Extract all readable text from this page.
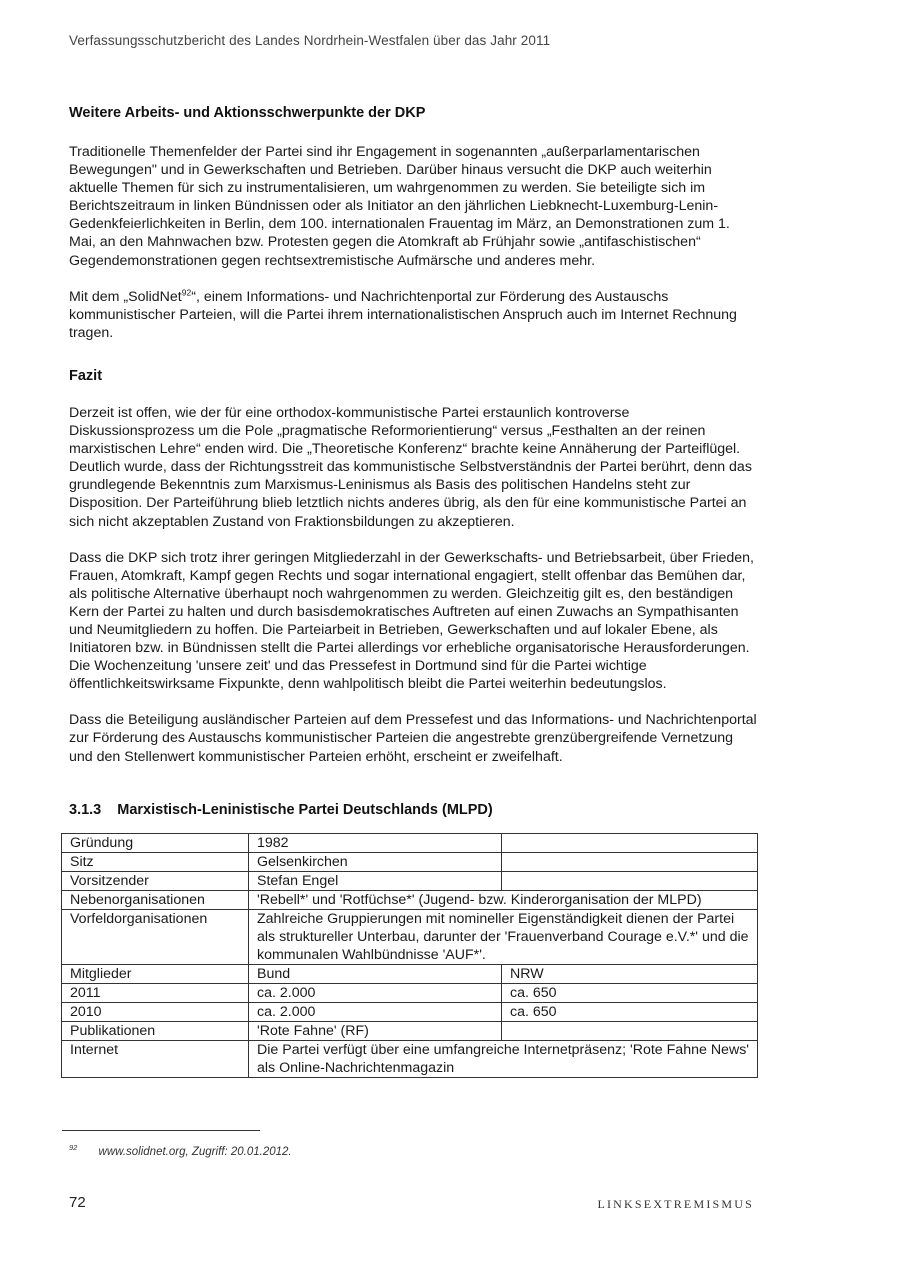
Verfassungsschutzbericht des Landes Nordrhein-Westfalen über das Jahr 2011
Weitere Arbeits- und Aktionsschwerpunkte der DKP

Traditionelle Themenfelder der Partei sind ihr Engagement in sogenannten „außerparlamentarischen Bewegungen" und in Gewerkschaften und Betrieben. Darüber hinaus versucht die DKP auch weiterhin aktuelle Themen für sich zu instrumentalisieren, um wahrgenommen zu werden. Sie beteiligte sich im Berichtszeitraum in linken Bündnissen oder als Initiator an den jährlichen Liebknecht-Luxemburg-Lenin-Gedenkfeierlichkeiten in Berlin, dem 100. internationalen Frauentag im März, an Demonstrationen zum 1. Mai, an den Mahnwachen bzw. Protesten gegen die Atomkraft ab Frühjahr sowie „antifaschistischen“ Gegendemonstrationen gegen rechtsextremistische Aufmärsche und anderes mehr.

Mit dem „SolidNet$^{92}$“, einem Informations- und Nachrichtenportal zur Förderung des Austauschs kommunistischer Parteien, will die Partei ihrem internationalistischen Anspruch auch im Internet Rechnung tragen.

Fazit

Derzeit ist offen, wie der für eine orthodox-kommunistische Partei erstaunlich kontroverse Diskussionsprozess um die Pole „pragmatische Reformorientierung“ versus „Festhalten an der reinen marxistischen Lehre“ enden wird. Die „Theoretische Konferenz“ brachte keine Annäherung der Parteiflügel. Deutlich wurde, dass der Richtungsstreit das kommunistische Selbstverständnis der Partei berührt, denn das grundlegende Bekenntnis zum Marxismus-Leninismus als Basis des politischen Handelns steht zur Disposition. Der Parteiführung blieb letztlich nichts anderes übrig, als den für eine kommunistische Partei an sich nicht akzeptablen Zustand von Fraktionsbildungen zu akzeptieren.

Dass die DKP sich trotz ihrer geringen Mitgliederzahl in der Gewerkschafts- und Betriebsarbeit, über Frieden, Frauen, Atomkraft, Kampf gegen Rechts und sogar international engagiert, stellt offenbar das Bemühen dar, als politische Alternative überhaupt noch wahrgenommen zu werden. Gleichzeitig gilt es, den beständigen Kern der Partei zu halten und durch basisdemokratisches Auftreten auf einen Zuwachs an Sympathisanten und Neumitgliedern zu hoffen. Die Parteiarbeit in Betrieben, Gewerkschaften und auf lokaler Ebene, als Initiatoren bzw. in Bündnissen stellt die Partei allerdings vor erhebliche organisatorische Herausforderungen. Die Wochenzeitung 'unsere zeit' und das Pressefest in Dortmund sind für die Partei wichtige öffentlichkeitswirksame Fixpunkte, denn wahlpolitisch bleibt die Partei weiterhin bedeutungslos.

Dass die Beteiligung ausländischer Parteien auf dem Pressefest und das Informations- und Nachrichtenportal zur Förderung des Austauschs kommunistischer Parteien die angestrebte grenzübergreifende Vernetzung und den Stellenwert kommunistischer Parteien erhöht, erscheint er zweifelhaft.

3.1.3 Marxistisch-Leninistische Partei Deutschlands (MLPD)
Gründung	1982	
Sitz	Gelsenkirchen	
Vorsitzender	Stefan Engel	
Nebenorganisationen	'Rebell*' und 'Rotfüchse*' (Jugend- bzw. Kinderorganisation der MLPD)	
Vorfeldorganisationen	Zahlreiche Gruppierungen mit nomineller Eigenständigkeit dienen der Partei als struktureller Unterbau, darunter der 'Frauenverband Courage e.V.*' und die kommunalen Wahlbündnisse 'AUF*'.	
Mitglieder	Bund	NRW
2011	ca. 2.000	ca. 650
2010	ca. 2.000	ca. 650
Publikationen	'Rote Fahne' (RF)	
Internet	Die Partei verfügt über eine umfangreiche Internetpräsenz; 'Rote Fahne News' als Online-Nachrichtenmagazin	
$^{92}$ www.solidnet.org, Zugriff: 20.01.2012.
72	LINKSEXTREMISMUS
